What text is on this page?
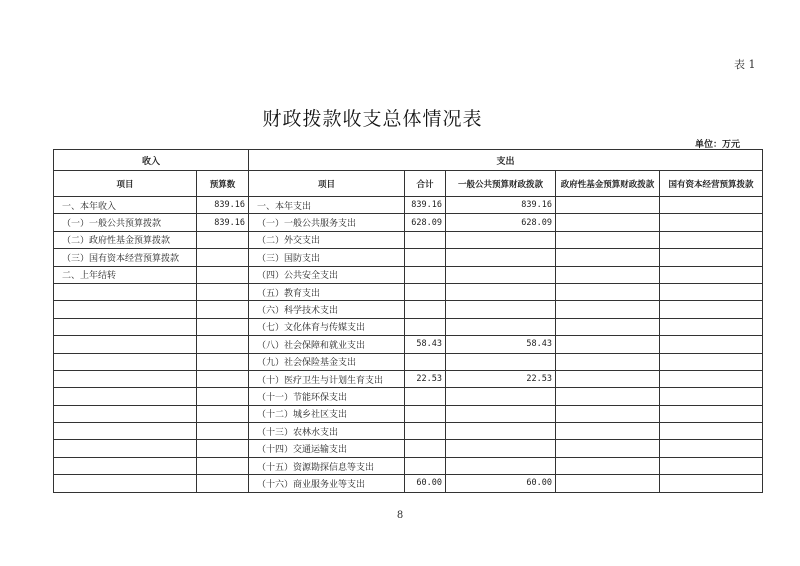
表 1
财政拨款收支总体情况表
单位：万元
收入		支出				
项目	预算数	项目	合计	一般公共预算财政拨款	政府性基金预算财政拨款	国有资本经营预算拨款
一、本年收入	839.16	一、本年支出	839.16	839.16		
（一）一般公共预算拨款	839.16	（一）一般公共服务支出	628.09	628.09		
（二）政府性基金预算拨款		（二）外交支出				
（三）国有资本经营预算拨款		（三）国防支出				
二、上年结转		（四）公共安全支出				
		（五）教育支出				
		（六）科学技术支出				
		（七）文化体育与传媒支出				
		（八）社会保障和就业支出	58.43	58.43		
		（九）社会保险基金支出				
		（十）医疗卫生与计划生育支出	22.53	22.53		
		（十一）节能环保支出				
		（十二）城乡社区支出				
		（十三）农林水支出				
		（十四）交通运输支出				
		（十五）资源勘探信息等支出				
		（十六）商业服务业等支出	60.00	60.00		
8
